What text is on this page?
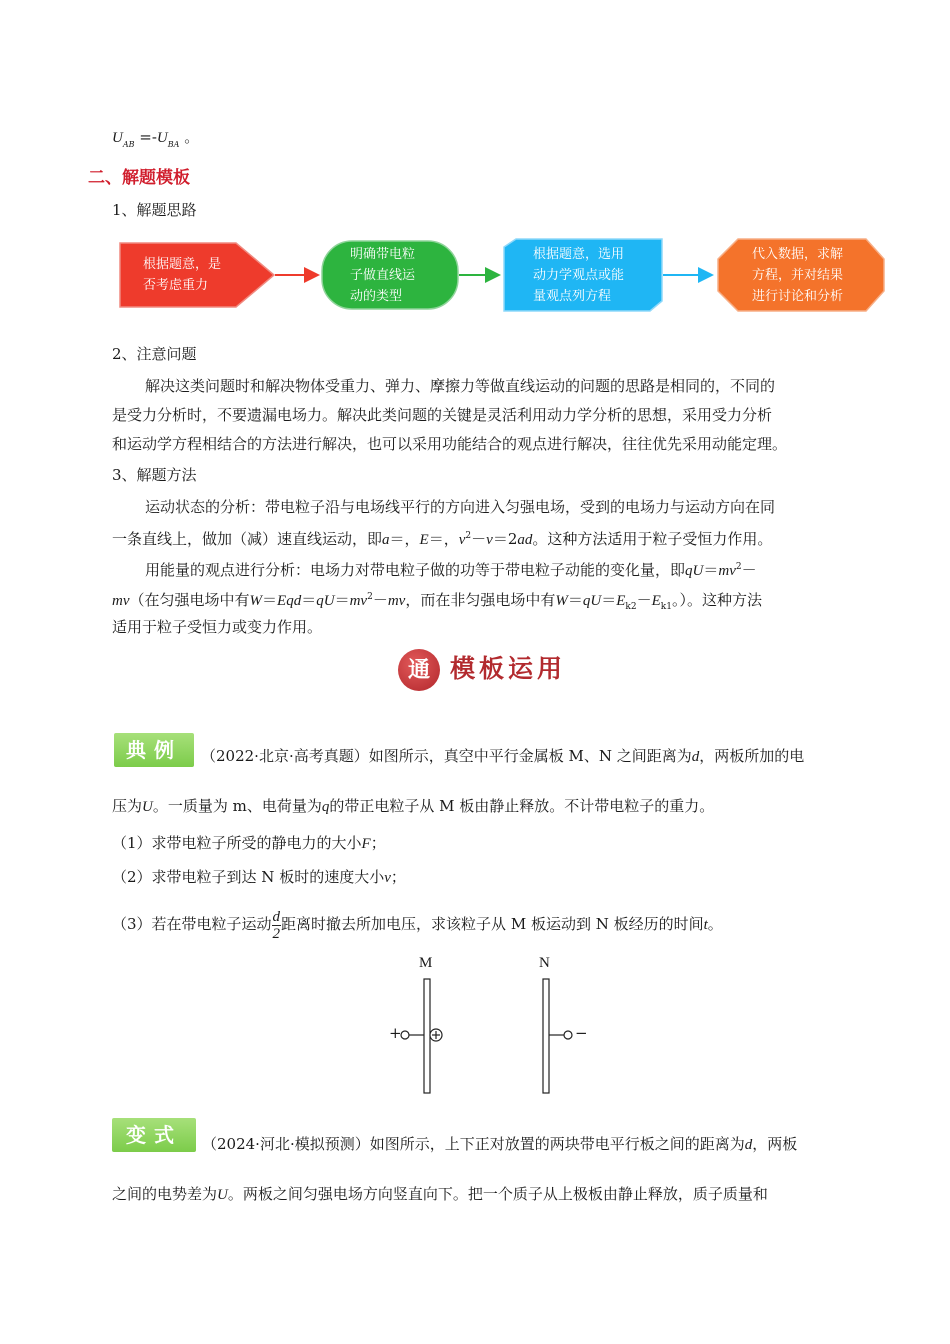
$U_{AB} =-U_{BA}$ 。
二、解题模板
1、解题思路
根据题意，是
否考虑重力
明确带电粒
子做直线运
动的类型
根据题意，选用
动力学观点或能
量观点列方程
代入数据，求解
方程，并对结果
进行讨论和分析
2、注意问题
解决这类问题时和解决物体受重力、弹力、摩擦力等做直线运动的问题的思路是相同的，不同的
是受力分析时，不要遗漏电场力。解决此类问题的关键是灵活利用动力学分析的思想，采用受力分析
和运动学方程相结合的方法进行解决，也可以采用功能结合的观点进行解决，往往优先采用动能定理。
3、解题方法
运动状态的分析：带电粒子沿与电场线平行的方向进入匀强电场，受到的电场力与运动方向在同
一条直线上，做加（减）速直线运动，即a＝，E＝，$v^2-v=2ad$。这种方法适用于粒子受恒力作用。
用能量的观点进行分析：电场力对带电粒子做的功等于带电粒子动能的变化量，即$qU=mv^2-$
mv（在匀强电场中有$W=Eqd=qU=mv^2-mv$，而在非匀强电场中有$W=qU=E_{k2}-E_{k1}$。）。这种方法
适用于粒子受恒力或变力作用。
通 模板运用
典例	（2022·北京·高考真题）如图所示，真空中平行金属板 M、N 之间距离为d，两板所加的电
压为U。一质量为 m、电荷量为q的带正电粒子从 M 板由静止释放。不计带电粒子的重力。
（1）求带电粒子所受的静电力的大小F；
（2）求带电粒子到达 N 板时的速度大小v；
（3）若在带电粒子运动 $\frac{d}{2}$ 距离时撤去所加电压，求该粒子从 M 板运动到 N 板经历的时间t。
M	N
+	−
变式	（2024·河北·模拟预测）如图所示，上下正对放置的两块带电平行板之间的距离为d，两板
之间的电势差为U。两板之间匀强电场方向竖直向下。把一个质子从上极板由静止释放，质子质量和
